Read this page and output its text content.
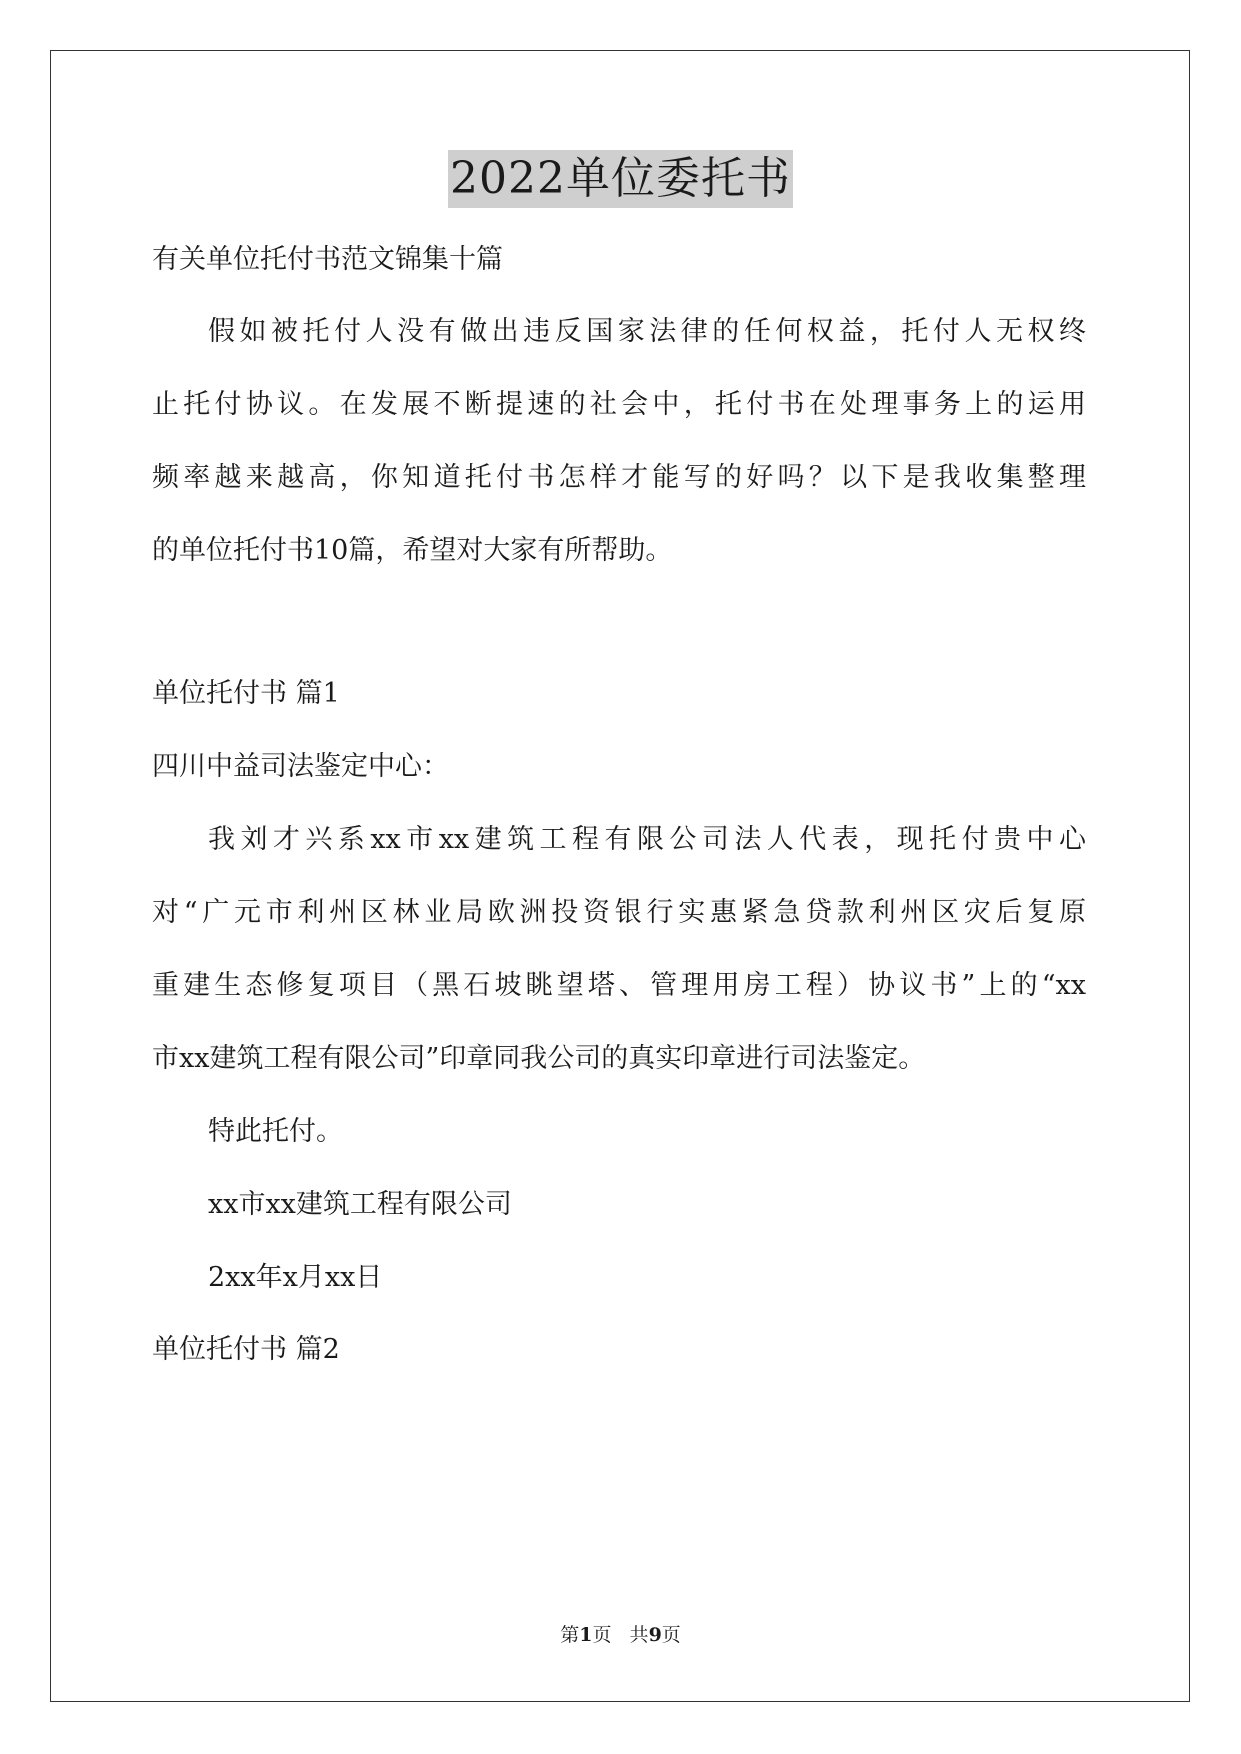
2022单位委托书
有关单位托付书范文锦集十篇
假如被托付人没有做出违反国家法律的任何权益，托付人无权终
止托付协议。在发展不断提速的社会中，托付书在处理事务上的运用
频率越来越高，你知道托付书怎样才能写的好吗？以下是我收集整理
的单位托付书10篇，希望对大家有所帮助。
单位托付书 篇1
四川中益司法鉴定中心：
我刘才兴系xx市xx建筑工程有限公司法人代表，现托付贵中心
对“广元市利州区林业局欧洲投资银行实惠紧急贷款利州区灾后复原
重建生态修复项目（黑石坡眺望塔、管理用房工程）协议书”上的“xx
市xx建筑工程有限公司”印章同我公司的真实印章进行司法鉴定。
特此托付。
xx市xx建筑工程有限公司
2xx年x月xx日
单位托付书 篇2
第1页   共9页
